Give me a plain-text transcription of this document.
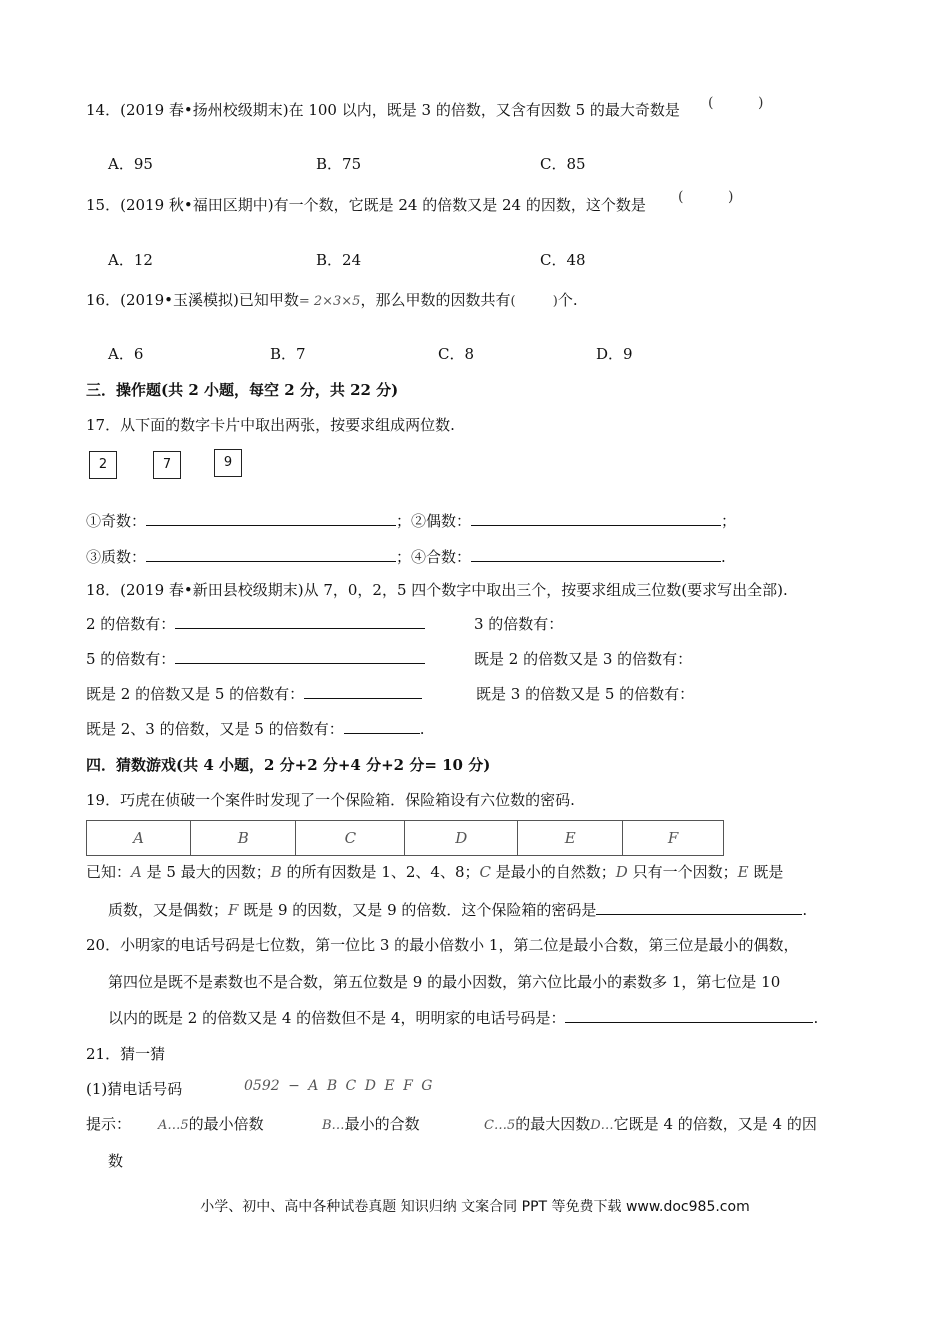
14．(2019 春•扬州校级期末)在 100 以内，既是 3 的倍数，又含有因数 5 的最大奇数是 (          )
A．95	B．75	C．85
15．(2019 秋•福田区期中)有一个数，它既是 24 的倍数又是 24 的因数，这个数是 (          )
A．12	B．24	C．48
16．(2019•玉溪模拟)已知甲数= 2×3×5，那么甲数的因数共有(         )个.
A．6	B．7	C．8	D．9
三．操作题(共 2 小题，每空 2 分，共 22 分)
17．从下面的数字卡片中取出两张，按要求组成两位数.
2	7	9
①奇数：	；②偶数：	；
③质数：	；④合数：	.
18．(2019 春•新田县校级期末)从 7，0，2，5 四个数字中取出三个，按要求组成三位数(要求写出全部).
2 的倍数有：	3 的倍数有：
5 的倍数有：	既是 2 的倍数又是 3 的倍数有：
既是 2 的倍数又是 5 的倍数有：	既是 3 的倍数又是 5 的倍数有：
既是 2、3 的倍数，又是 5 的倍数有：	.
四．猜数游戏(共 4 小题，2 分+2 分+4 分+2 分= 10 分)
19．巧虎在侦破一个案件时发现了一个保险箱．保险箱设有六位数的密码.
A	B	C	D	E	F
已知：A 是 5 最大的因数；B 的所有因数是 1、2、4、8；C 是最小的自然数；D 只有一个因数；E 既是
质数，又是偶数；F 既是 9 的因数，又是 9 的倍数．这个保险箱的密码是	.
20．小明家的电话号码是七位数，第一位比 3 的最小倍数小 1，第二位是最小合数，第三位是最小的偶数，
第四位是既不是素数也不是合数，第五位数是 9 的最小因数，第六位比最小的素数多 1，第七位是 10
以内的既是 2 的倍数又是 4 的倍数但不是 4，明明家的电话号码是：	.
21．猜一猜
(1)猜电话号码	0592 − A B C D E F G
提示： A…5的最小倍数	B…最小的合数	C…5的最大因数D…它既是 4 的倍数，又是 4 的因
数
小学、初中、高中各种试卷真题 知识归纳 文案合同 PPT 等免费下载 www.doc985.com
